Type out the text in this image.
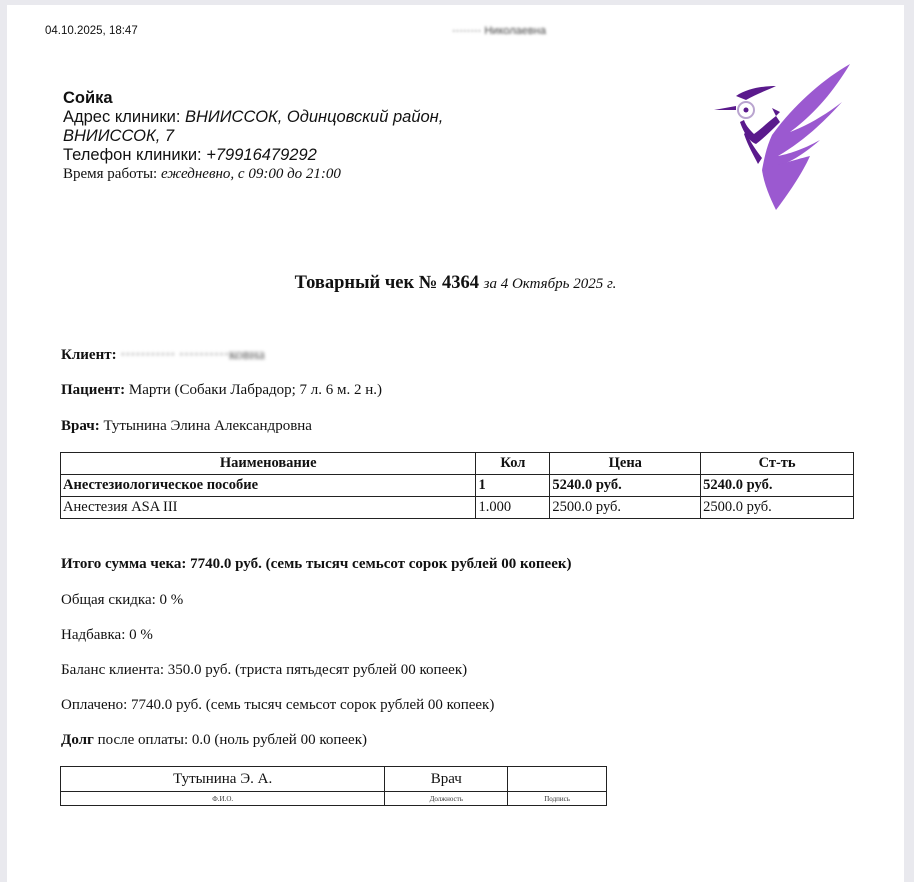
04.10.2025, 18:47	········ Николаевна
Сойка
Адрес клиники: ВНИИССОК, Одинцовский район,
ВНИИССОК, 7
Телефон клиники: +79916479292
Время работы: ежедневно, с 09:00 до 21:00
Товарный чек № 4364 за 4 Октябрь 2025 г.
Клиент: ··········· ··········ковна
Пациент: Марти (Собаки Лабрадор; 7 л. 6 м. 2 н.)
Врач: Тутынина Элина Александровна
Наименование	Кол	Цена	Ст-ть
Анестезиологическое пособие	1	5240.0 руб.	5240.0 руб.
Анестезия ASA III	1.000	2500.0 руб.	2500.0 руб.
Итого сумма чека: 7740.0 руб. (семь тысяч семьсот сорок рублей 00 копеек)
Общая скидка: 0 %
Надбавка: 0 %
Баланс клиента: 350.0 руб. (триста пятьдесят рублей 00 копеек)
Оплачено: 7740.0 руб. (семь тысяч семьсот сорок рублей 00 копеек)
Долг после оплаты: 0.0 (ноль рублей 00 копеек)
Тутынина Э. А.	Врач	
Ф.И.О.	Должность	Подпись
